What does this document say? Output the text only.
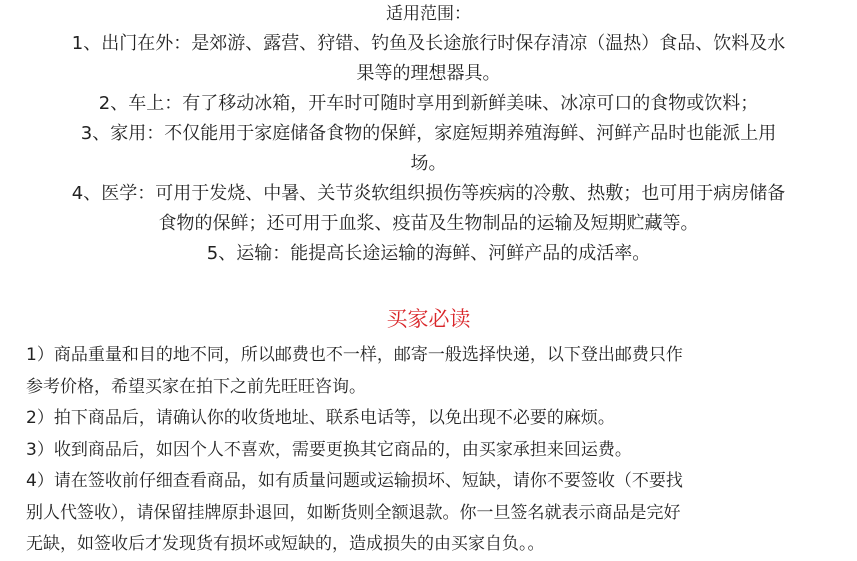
适用范围：
1、出门在外：是郊游、露营、狩错、钓鱼及长途旅行时保存清凉（温热）食品、饮料及水
果等的理想器具。
2、车上：有了移动冰箱，开车时可随时享用到新鲜美味、冰凉可口的食物或饮料；
3、家用：不仅能用于家庭储备食物的保鲜，家庭短期养殖海鲜、河鲜产品时也能派上用
场。
4、医学：可用于发烧、中暑、关节炎软组织损伤等疾病的冷敷、热敷；也可用于病房储备
食物的保鲜；还可用于血浆、疫苗及生物制品的运输及短期贮藏等。
5、运输：能提高长途运输的海鲜、河鲜产品的成活率。
买家必读
1）商品重量和目的地不同，所以邮费也不一样，邮寄一般选择快递，以下登出邮费只作
参考价格，希望买家在拍下之前先旺旺咨询。
2）拍下商品后，请确认你的收货地址、联系电话等，以免出现不必要的麻烦。
3）收到商品后，如因个人不喜欢，需要更换其它商品的，由买家承担来回运费。
4）请在签收前仔细查看商品，如有质量问题或运输损坏、短缺，请你不要签收（不要找
别人代签收），请保留挂牌原卦退回，如断货则全额退款。你一旦签名就表示商品是完好
无缺，如签收后才发现货有损坏或短缺的，造成损失的由买家自负。。
